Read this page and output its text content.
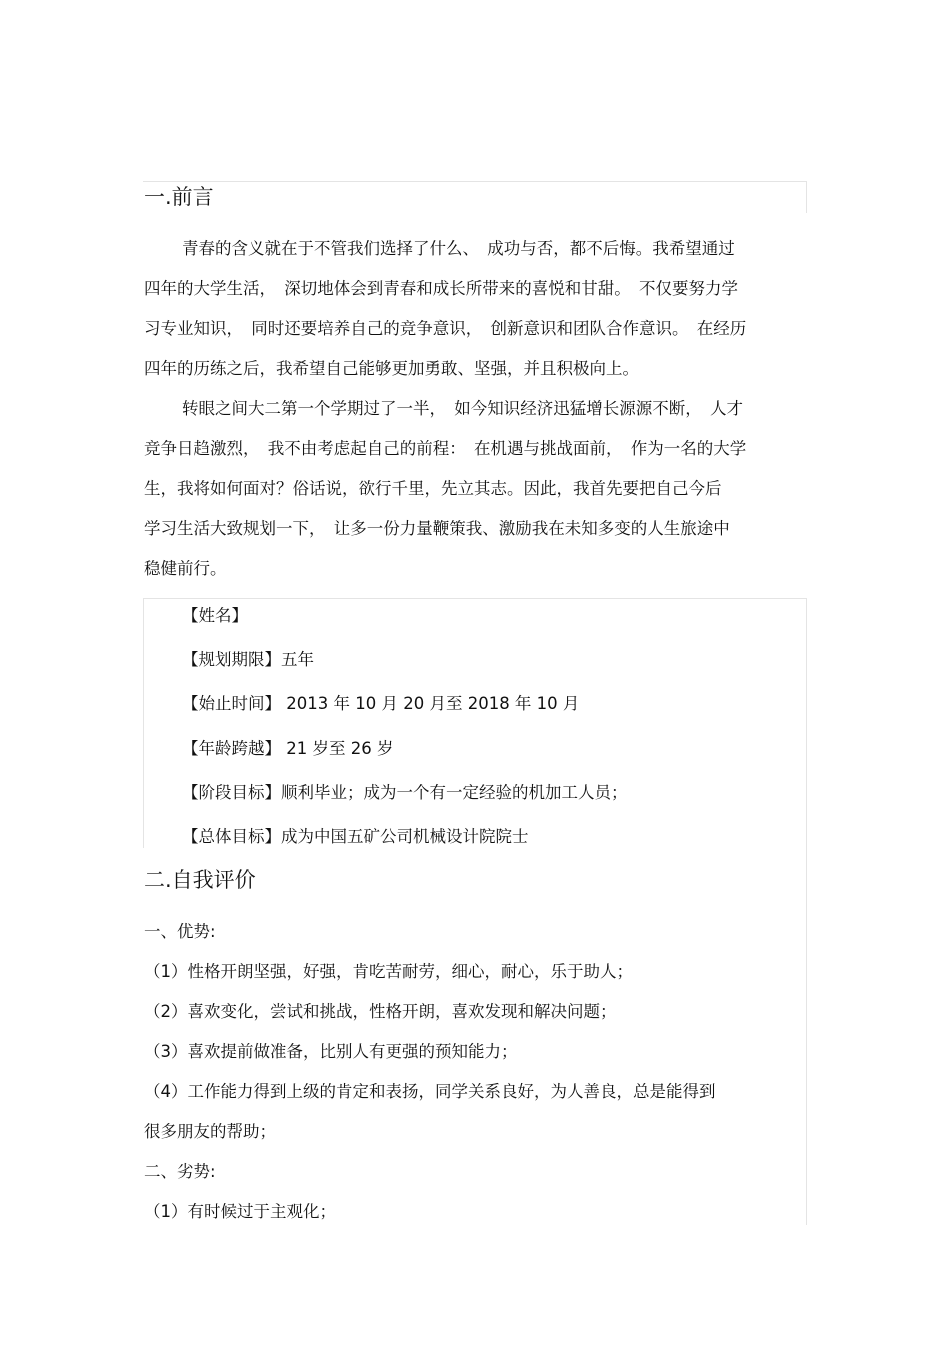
一.前言
青春的含义就在于不管我们选择了什么、　成功与否，都不后悔。我希望通过
四年的大学生活，　深切地体会到青春和成长所带来的喜悦和甘甜。　不仅要努力学
习专业知识，　同时还要培养自己的竞争意识，　创新意识和团队合作意识。　在经历
四年的历练之后，我希望自己能够更加勇敢、坚强，并且积极向上。
转眼之间大二第一个学期过了一半，　如今知识经济迅猛增长源源不断，　人才
竞争日趋激烈，　我不由考虑起自己的前程：　在机遇与挑战面前，　作为一名的大学
生，我将如何面对？俗话说，欲行千里，先立其志。因此，我首先要把自己今后
学习生活大致规划一下，　让多一份力量鞭策我、激励我在未知多变的人生旅途中
稳健前行。
【姓名】
【规划期限】五年
【始止时间】 2013 年 10 月 20 月至 2018 年 10 月
【年龄跨越】 21 岁至 26 岁
【阶段目标】顺利毕业；成为一个有一定经验的机加工人员；
【总体目标】成为中国五矿公司机械设计院院士
二.自我评价
一、优势:
（1）性格开朗坚强，好强，肯吃苦耐劳，细心，耐心，乐于助人；
（2）喜欢变化，尝试和挑战，性格开朗，喜欢发现和解决问题；
（3）喜欢提前做准备，比别人有更强的预知能力；
（4）工作能力得到上级的肯定和表扬，同学关系良好，为人善良，总是能得到
很多朋友的帮助；
二、劣势:
（1）有时候过于主观化；
